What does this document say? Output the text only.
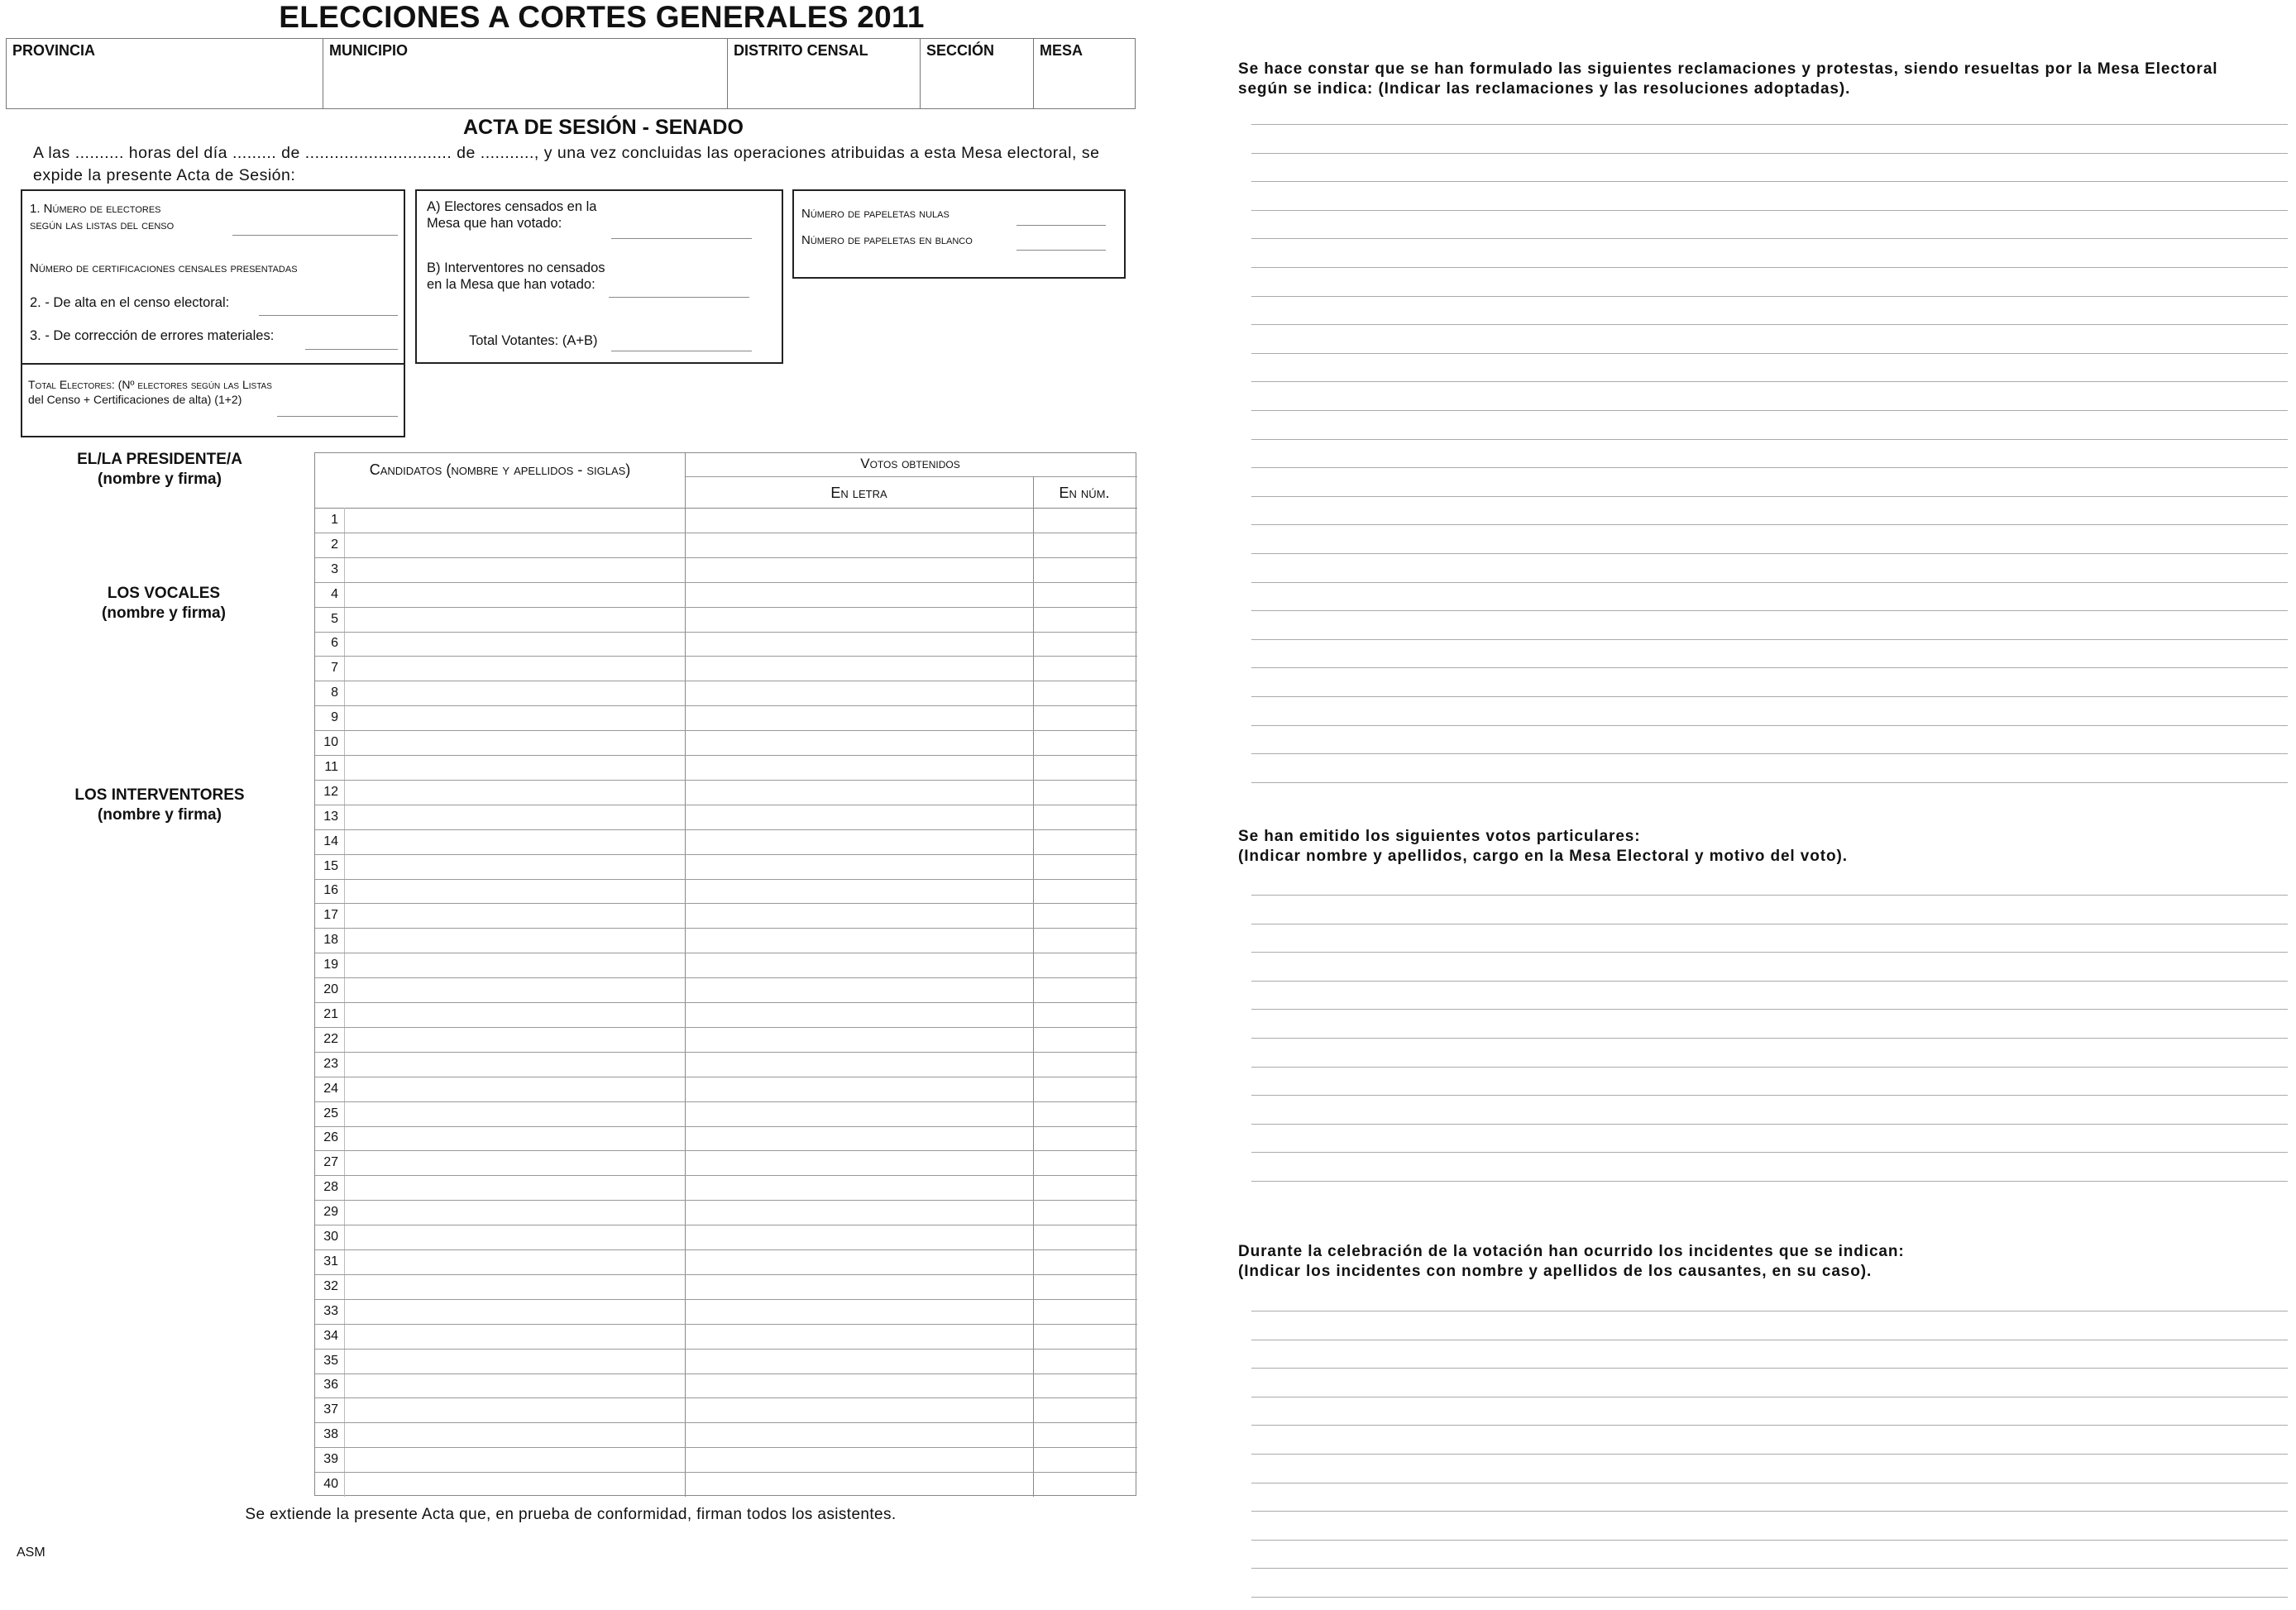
ELECCIONES A CORTES GENERALES 2011
PROVINCIA	MUNICIPIO	DISTRITO CENSAL	SECCIÓN	MESA
ACTA DE SESIÓN - SENADO
A las .......... horas del día ......... de .............................. de ..........., y una vez concluidas las operaciones atribuidas a esta Mesa electoral, se expide la presente Acta de Sesión:
1. Número de electores
según las listas del censo
Número de certificaciones censales presentadas
2. - De alta en el censo electoral:
3. - De corrección de errores materiales:
Total Electores: (Nº electores según las Listas
del Censo + Certificaciones de alta) (1+2)
A) Electores censados en la
Mesa que han votado:
B) Interventores no censados
en la Mesa que han votado:
Total Votantes: (A+B)
Número de papeletas nulas
Número de papeletas en blanco
EL/LA PRESIDENTE/A
(nombre y firma)
LOS VOCALES
(nombre y firma)
LOS INTERVENTORES
(nombre y firma)
Candidatos (nombre y apellidos - siglas)	Votos obtenidos
En letra	En núm.
1
2
3
4
5
6
7
8
9
10
11
12
13
14
15
16
17
18
19
20
21
22
23
24
25
26
27
28
29
30
31
32
33
34
35
36
37
38
39
40
Se extiende la presente Acta que, en prueba de conformidad, firman todos los asistentes.
ASM
Se hace constar que se han formulado las siguientes reclamaciones y protestas, siendo resueltas por la Mesa Electoral
según se indica: (Indicar las reclamaciones y las resoluciones adoptadas).
Se han emitido los siguientes votos particulares:
(Indicar nombre y apellidos, cargo en la Mesa Electoral y motivo del voto).
Durante la celebración de la votación han ocurrido los incidentes que se indican:
(Indicar los incidentes con nombre y apellidos de los causantes, en su caso).
